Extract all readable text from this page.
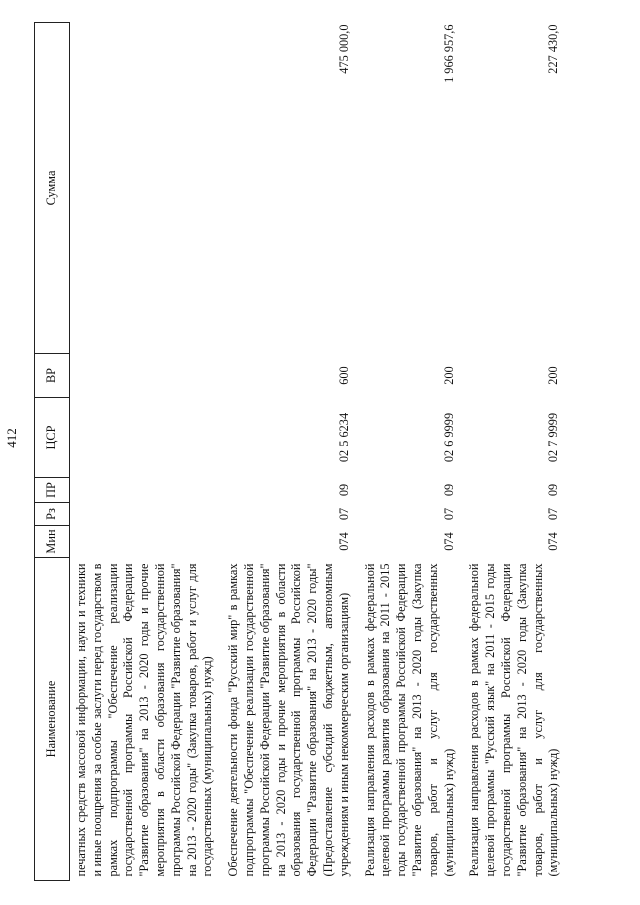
412
Наименование	Мин	Рз	ПР	ЦСР	ВР	Сумма
печатных средств массовой информации, науки и техники и иные поощрения за особые заслуги перед государством в рамках подпрограммы "Обеспечение реализации государственной программы Российской Федерации "Развитие образования" на 2013 - 2020 годы и прочие мероприятия в области образования государственной программы Российской Федерации "Развитие образования" на 2013 - 2020 годы" (Закупка товаров, работ и услуг для государственных (муниципальных) нужд)						
Обеспечение деятельности фонда "Русский мир" в рамках подпрограммы "Обеспечение реализации государственной программы Российской Федерации "Развитие образования" на 2013 - 2020 годы и прочие мероприятия в области образования государственной программы Российской Федерации "Развитие образования" на 2013 - 2020 годы" (Предоставление субсидий бюджетным, автономным учреждениям и иным некоммерческим организациям)	074	07	09	02 5 6234	600	475 000,0
Реализация направления расходов в рамках федеральной целевой программы развития образования на 2011 - 2015 годы государственной программы Российской Федерации "Развитие образования" на 2013 - 2020 годы (Закупка товаров, работ и услуг для государственных (муниципальных) нужд)	074	07	09	02 6 9999	200	1 966 957,6
Реализация направления расходов в рамках федеральной целевой программы "Русский язык" на 2011 - 2015 годы государственной программы Российской Федерации "Развитие образования" на 2013 - 2020 годы (Закупка товаров, работ и услуг для государственных (муниципальных) нужд)	074	07	09	02 7 9999	200	227 430,0
